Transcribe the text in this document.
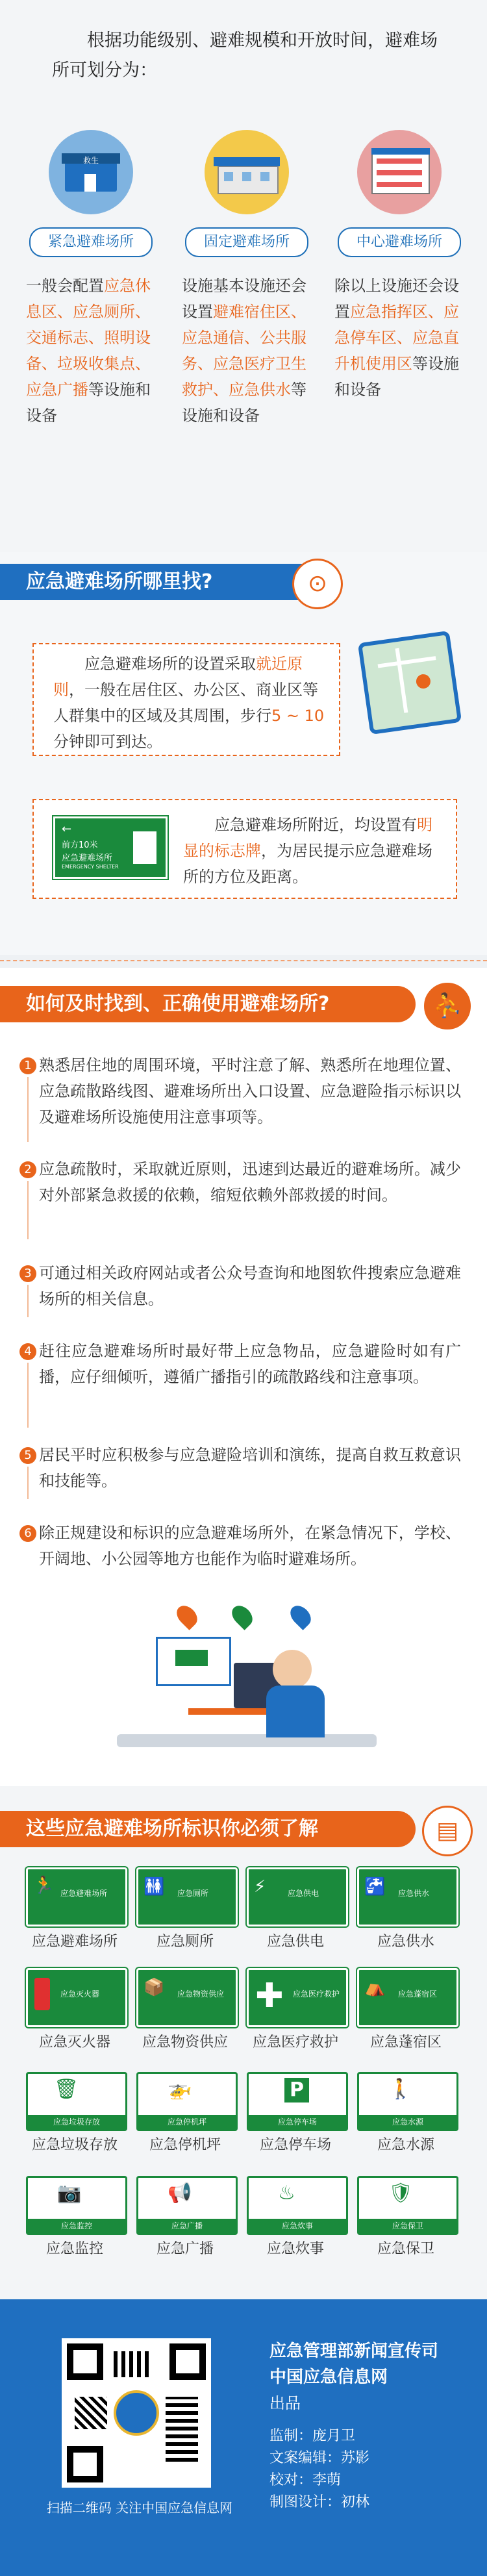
根据功能级别、避难规模和开放时间，避难场所可划分为：
救生
紧急避难场所
一般会配置应急休息区、应急厕所、交通标志、照明设备、垃圾收集点、应急广播等设施和设备
固定避难场所
设施基本设施还会设置避难宿住区、应急通信、公共服务、应急医疗卫生救护、应急供水等设施和设备
中心避难场所
除以上设施还会设置应急指挥区、应急停车区、应急直升机使用区等设施和设备
应急避难场所哪里找?	⊙
应急避难场所的设置采取就近原则，一般在居住区、办公区、商业区等人群集中的区域及其周围，步行5 ~ 10分钟即可到达。
←
前方10米
应急避难场所
EMERGENCY SHELTER
应急避难场所附近，均设置有明显的标志牌，为居民提示应急避难场所的方位及距离。
如何及时找到、正确使用避难场所?	⛹
1 熟悉居住地的周围环境，平时注意了解、熟悉所在地理位置、应急疏散路线图、避难场所出入口设置、应急避险指示标识以及避难场所设施使用注意事项等。
2 应急疏散时，采取就近原则，迅速到达最近的避难场所。减少对外部紧急救援的依赖，缩短依赖外部救援的时间。
3 可通过相关政府网站或者公众号查询和地图软件搜索应急避难场所的相关信息。
4 赶往应急避难场所时最好带上应急物品，应急避险时如有广播，应仔细倾听，遵循广播指引的疏散路线和注意事项。
5 居民平时应积极参与应急避险培训和演练，提高自救互救意识和技能等。
6 除正规建设和标识的应急避难场所外，在紧急情况下，学校、开阔地、小公园等地方也能作为临时避难场所。
这些应急避难场所标识你必须了解	▤
🏃 应急避难场所
应急避难场所
🚻 应急厕所
应急厕所
⚡	应急供电
应急供电
🚰 应急供水
应急供水
应急灭火器
应急灭火器
📦 应急物资供应
应急物资供应
✚	应急医疗救护
应急医疗救护
⛺ 应急蓬宿区
应急蓬宿区
🗑
应急垃圾存放
应急垃圾存放
🚁
应急停机坪
应急停机坪
P
应急停车场
应急停车场
🚶
应急水源
应急水源
📷
应急监控
应急监控
📢
应急广播
应急广播
♨
应急炊事
应急炊事
🛡
应急保卫
应急保卫
扫描二维码 关注中国应急信息网
应急管理部新闻宣传司
中国应急信息网
出品
监制：庞月卫
文案编辑：苏影
校对：李萌
制图设计：初林
